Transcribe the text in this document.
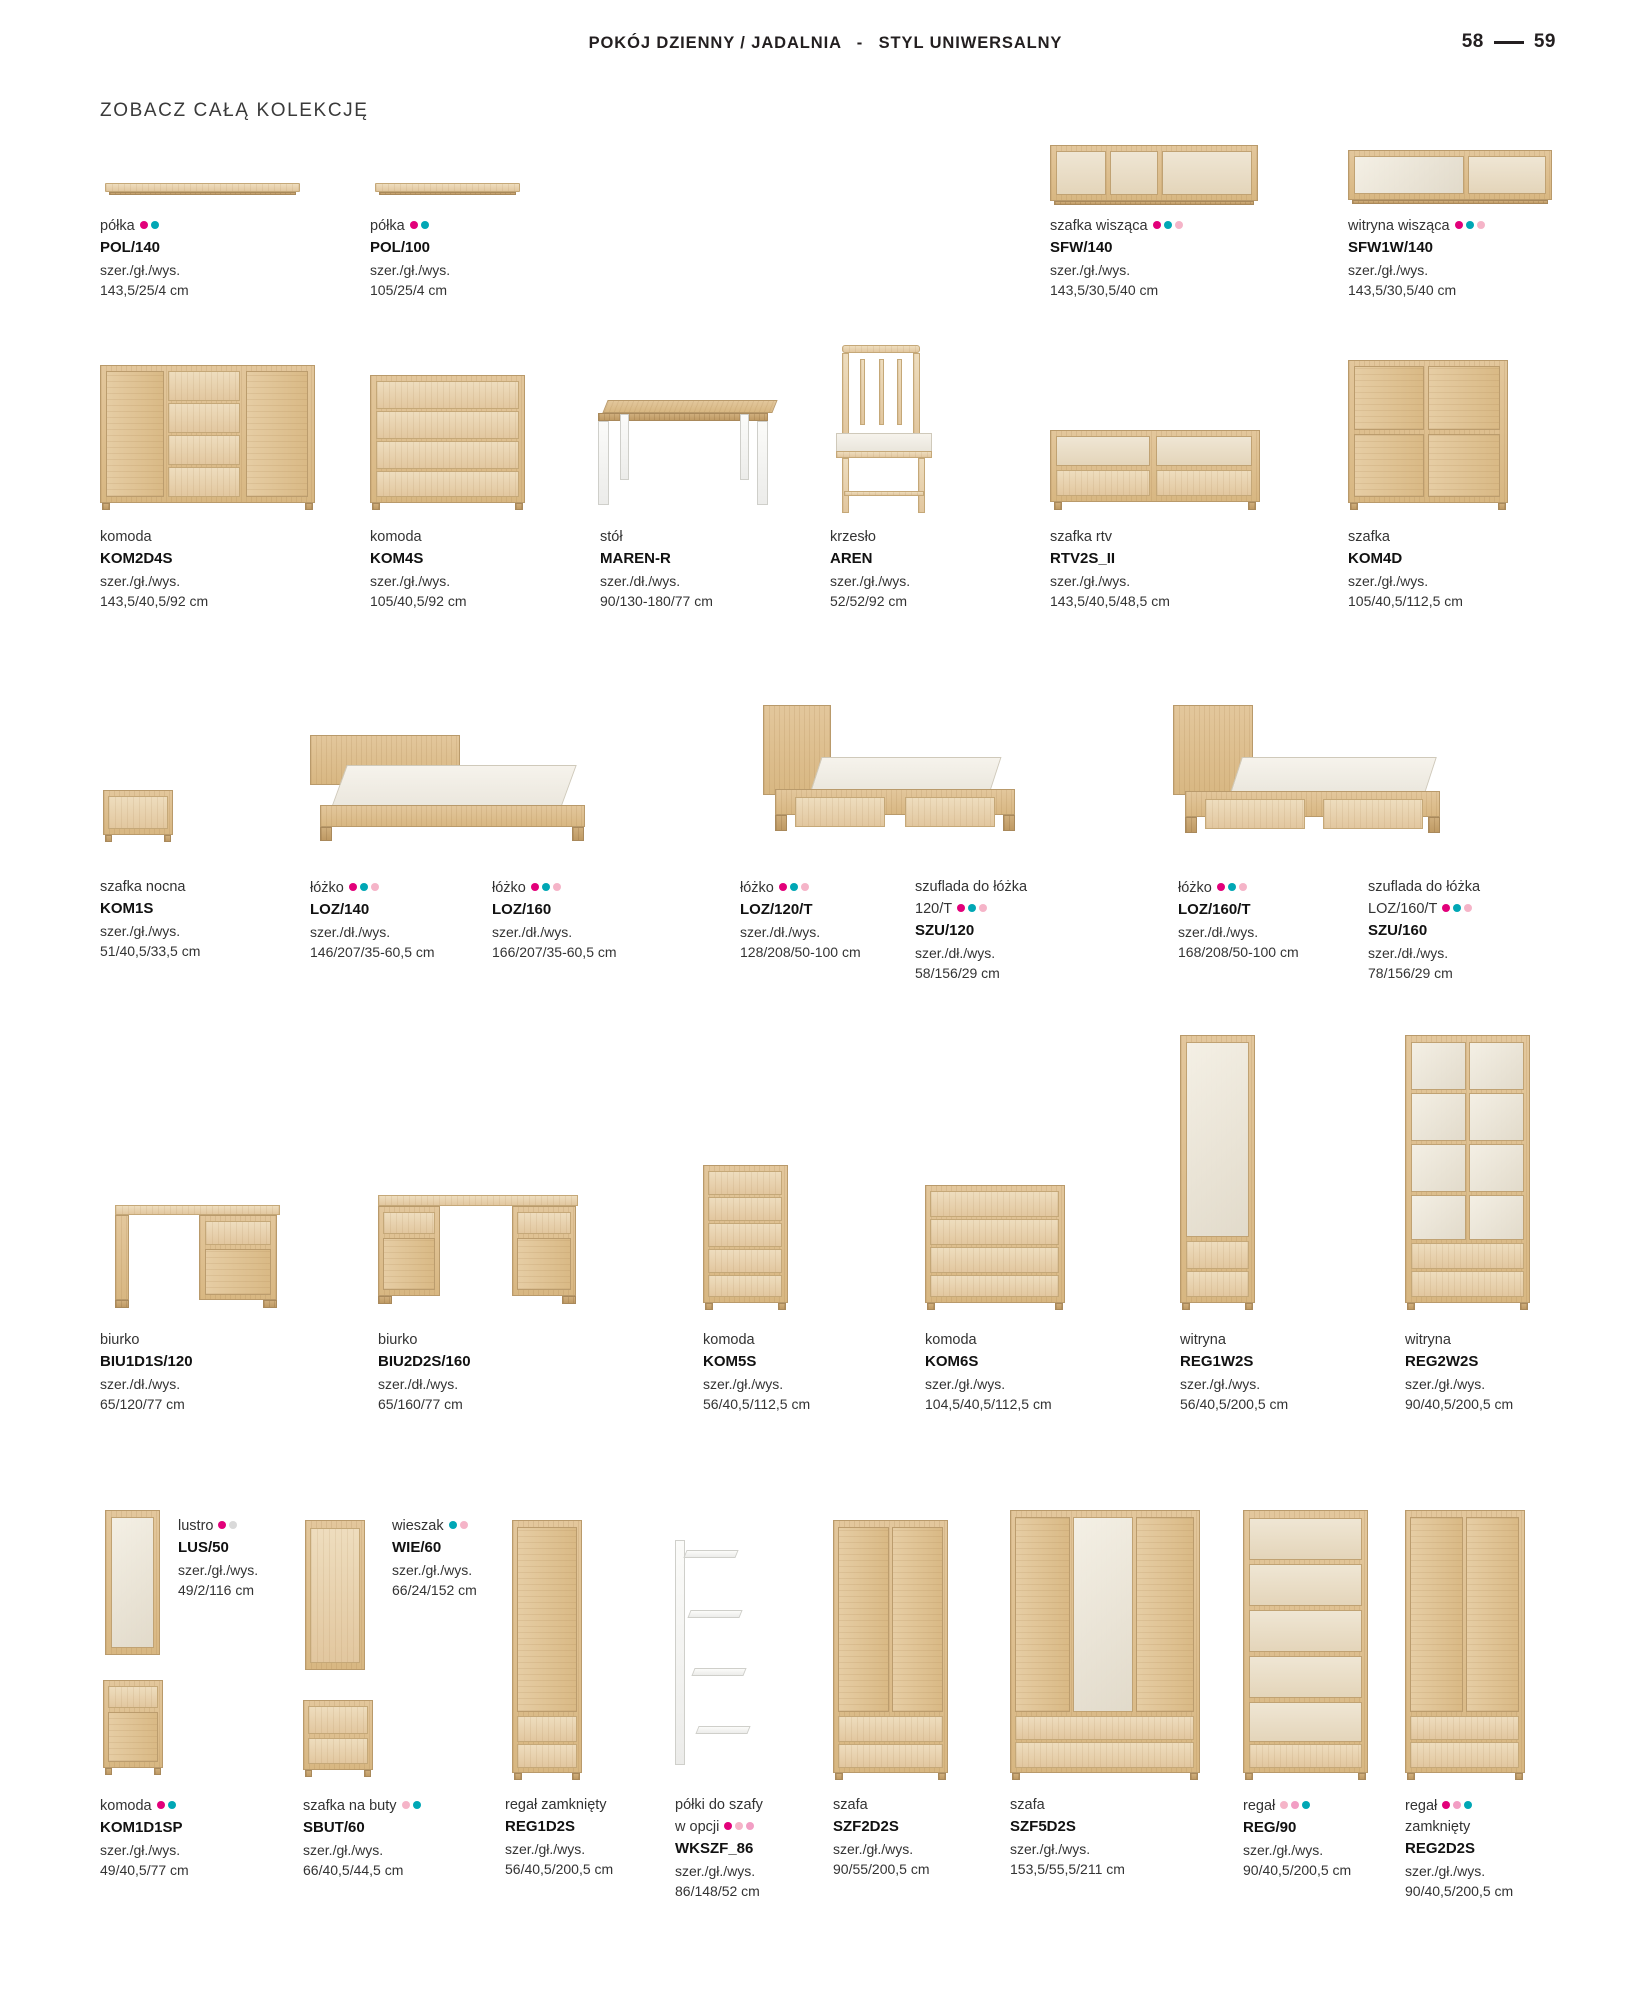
POKÓJ DZIENNY / JADALNIA - STYL UNIWERSALNY	58	59
ZOBACZ CAŁĄ KOLEKCJĘ
półka
POL/140
szer./gł./wys.
143,5/25/4 cm
półka
POL/100
szer./gł./wys.
105/25/4 cm
szafka wisząca
SFW/140
szer./gł./wys.
143,5/30,5/40 cm
witryna wisząca
SFW1W/140
szer./gł./wys.
143,5/30,5/40 cm
komoda
KOM2D4S
szer./gł./wys.
143,5/40,5/92 cm
komoda
KOM4S
szer./gł./wys.
105/40,5/92 cm
stół
MAREN-R
szer./dł./wys.
90/130-180/77 cm
krzesło
AREN
szer./gł./wys.
52/52/92 cm
szafka rtv
RTV2S_II
szer./gł./wys.
143,5/40,5/48,5 cm
szafka
KOM4D
szer./gł./wys.
105/40,5/112,5 cm
szafka nocna
KOM1S
szer./gł./wys.
51/40,5/33,5 cm
łóżko
LOZ/140
szer./dł./wys.
146/207/35-60,5 cm
łóżko
LOZ/160
szer./dł./wys.
166/207/35-60,5 cm
łóżko
LOZ/120/T
szer./dł./wys.
128/208/50-100 cm
szuflada do łóżka
120/T
SZU/120
szer./dł./wys.
58/156/29 cm
łóżko
LOZ/160/T
szer./dł./wys.
168/208/50-100 cm
szuflada do łóżka
LOZ/160/T
SZU/160
szer./dł./wys.
78/156/29 cm
biurko
BIU1D1S/120
szer./dł./wys.
65/120/77 cm
biurko
BIU2D2S/160
szer./dł./wys.
65/160/77 cm
komoda
KOM5S
szer./gł./wys.
56/40,5/112,5 cm
komoda
KOM6S
szer./gł./wys.
104,5/40,5/112,5 cm
witryna
REG1W2S
szer./gł./wys.
56/40,5/200,5 cm
witryna
REG2W2S
szer./gł./wys.
90/40,5/200,5 cm
lustro
LUS/50
szer./gł./wys.
49/2/116 cm
komoda
KOM1D1SP
szer./gł./wys.
49/40,5/77 cm
wieszak
WIE/60
szer./gł./wys.
66/24/152 cm
szafka na buty
SBUT/60
szer./gł./wys.
66/40,5/44,5 cm
regał zamknięty
REG1D2S
szer./gł./wys.
56/40,5/200,5 cm
półki do szafy
w opcji
WKSZF_86
szer./gł./wys.
86/148/52 cm
szafa
SZF2D2S
szer./gł./wys.
90/55/200,5 cm
szafa
SZF5D2S
szer./gł./wys.
153,5/55,5/211 cm
regał
REG/90
szer./gł./wys.
90/40,5/200,5 cm
regał
zamknięty
REG2D2S
szer./gł./wys.
90/40,5/200,5 cm
